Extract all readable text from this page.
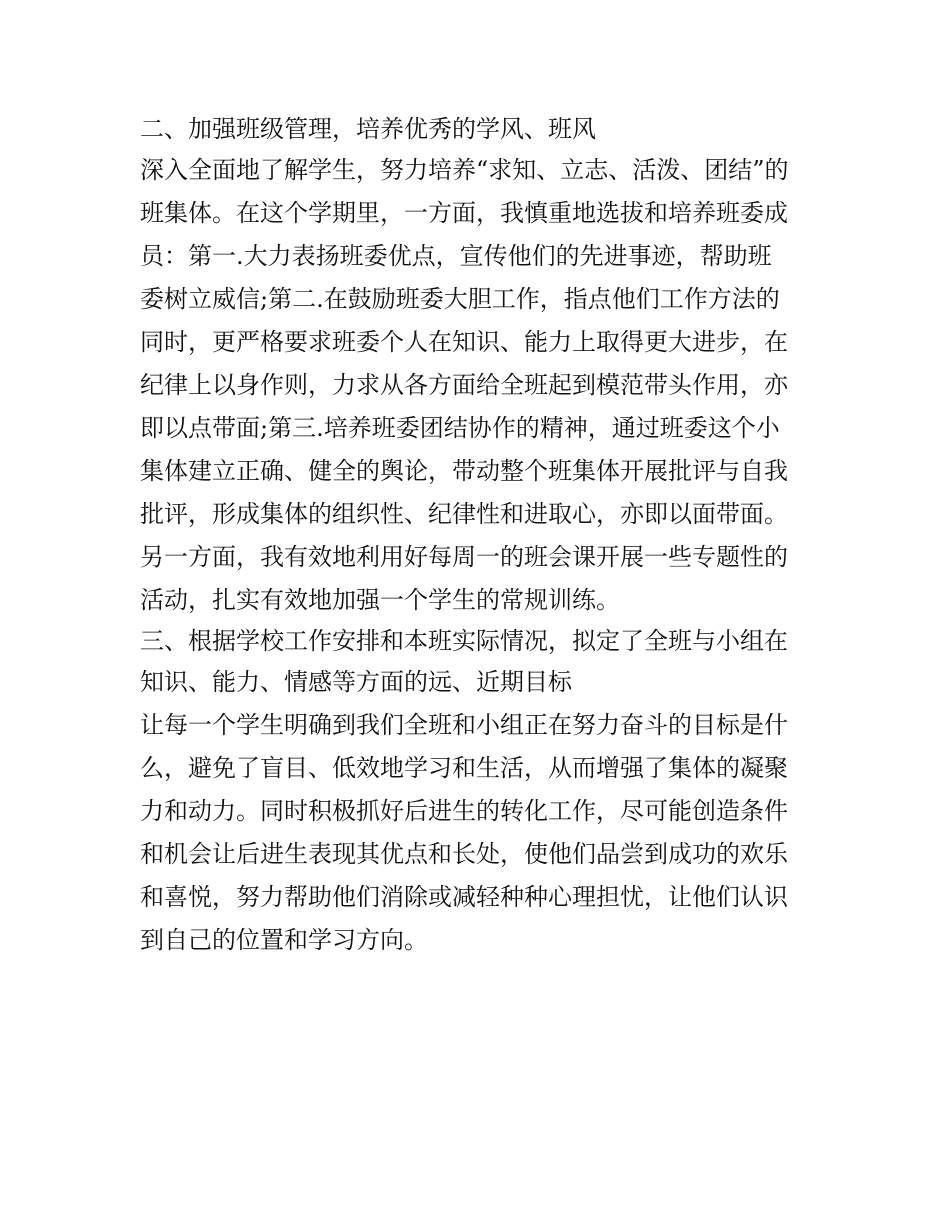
二、加强班级管理，培养优秀的学风、班风
深入全面地了解学生，努力培养“求知、立志、活泼、团结”的
班集体。在这个学期里，一方面，我慎重地选拔和培养班委成
员：第一.大力表扬班委优点，宣传他们的先进事迹，帮助班
委树立威信;第二.在鼓励班委大胆工作，指点他们工作方法的
同时，更严格要求班委个人在知识、能力上取得更大进步，在
纪律上以身作则，力求从各方面给全班起到模范带头作用，亦
即以点带面;第三.培养班委团结协作的精神，通过班委这个小
集体建立正确、健全的舆论，带动整个班集体开展批评与自我
批评，形成集体的组织性、纪律性和进取心，亦即以面带面。
另一方面，我有效地利用好每周一的班会课开展一些专题性的
活动，扎实有效地加强一个学生的常规训练。
三、根据学校工作安排和本班实际情况，拟定了全班与小组在
知识、能力、情感等方面的远、近期目标
让每一个学生明确到我们全班和小组正在努力奋斗的目标是什
么，避免了盲目、低效地学习和生活，从而增强了集体的凝聚
力和动力。同时积极抓好后进生的转化工作，尽可能创造条件
和机会让后进生表现其优点和长处，使他们品尝到成功的欢乐
和喜悦，努力帮助他们消除或减轻种种心理担忧，让他们认识
到自己的位置和学习方向。
